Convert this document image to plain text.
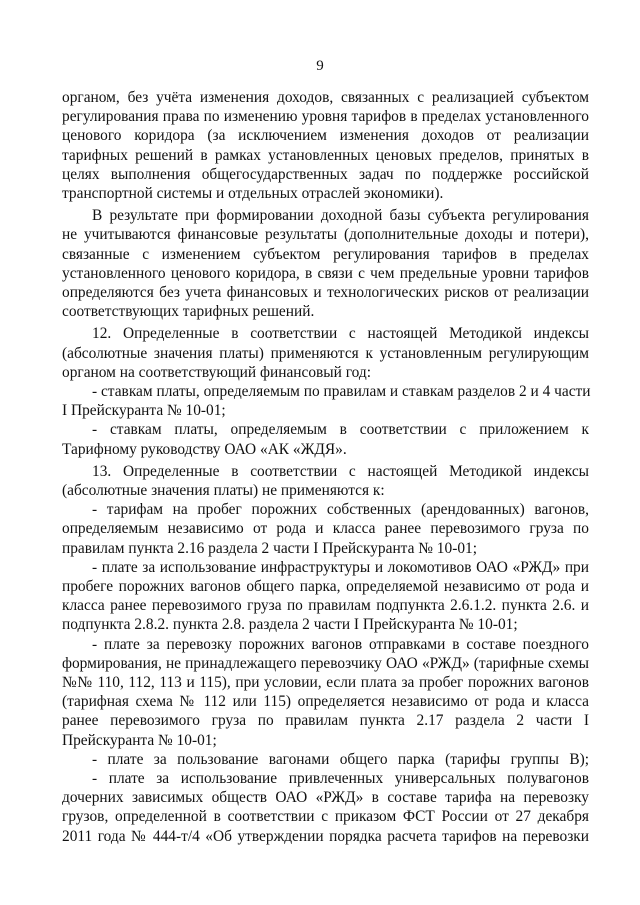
9
органом, без учёта изменения доходов, связанных с реализацией субъектом
регулирования права по изменению уровня тарифов в пределах установленного
ценового коридора (за исключением изменения доходов от реализации
тарифных решений в рамках установленных ценовых пределов, принятых в
целях выполнения общегосударственных задач по поддержке российской
транспортной системы и отдельных отраслей экономики).
В результате при формировании доходной базы субъекта регулирования
не учитываются финансовые результаты (дополнительные доходы и потери),
связанные с изменением субъектом регулирования тарифов в пределах
установленного ценового коридора, в связи с чем предельные уровни тарифов
определяются без учета финансовых и технологических рисков от реализации
соответствующих тарифных решений.
12. Определенные в соответствии с настоящей Методикой индексы
(абсолютные значения платы) применяются к установленным регулирующим
органом на соответствующий финансовый год:
- ставкам платы, определяемым по правилам и ставкам разделов 2 и 4 части
I Прейскуранта № 10-01;
- ставкам платы, определяемым в соответствии с приложением к
Тарифному руководству ОАО «АК «ЖДЯ».
13. Определенные в соответствии с настоящей Методикой индексы
(абсолютные значения платы) не применяются к:
- тарифам на пробег порожних собственных (арендованных) вагонов,
определяемым независимо от рода и класса ранее перевозимого груза по
правилам пункта 2.16 раздела 2 части I Прейскуранта № 10-01;
- плате за использование инфраструктуры и локомотивов ОАО «РЖД» при
пробеге порожних вагонов общего парка, определяемой независимо от рода и
класса ранее перевозимого груза по правилам подпункта 2.6.1.2. пункта 2.6. и
подпункта 2.8.2. пункта 2.8. раздела 2 части I Прейскуранта № 10-01;
- плате за перевозку порожних вагонов отправками в составе поездного
формирования, не принадлежащего перевозчику ОАО «РЖД» (тарифные схемы
№№ 110, 112, 113 и 115), при условии, если плата за пробег порожних вагонов
(тарифная схема № 112 или 115) определяется независимо от рода и класса
ранее перевозимого груза по правилам пункта 2.17 раздела 2 части I
Прейскуранта № 10-01;
- плате за пользование вагонами общего парка (тарифы группы В);
- плате за использование привлеченных универсальных полувагонов
дочерних зависимых обществ ОАО «РЖД» в составе тарифа на перевозку
грузов, определенной в соответствии с приказом ФСТ России от 27 декабря
2011 года № 444-т/4 «Об утверждении порядка расчета тарифов на перевозки
